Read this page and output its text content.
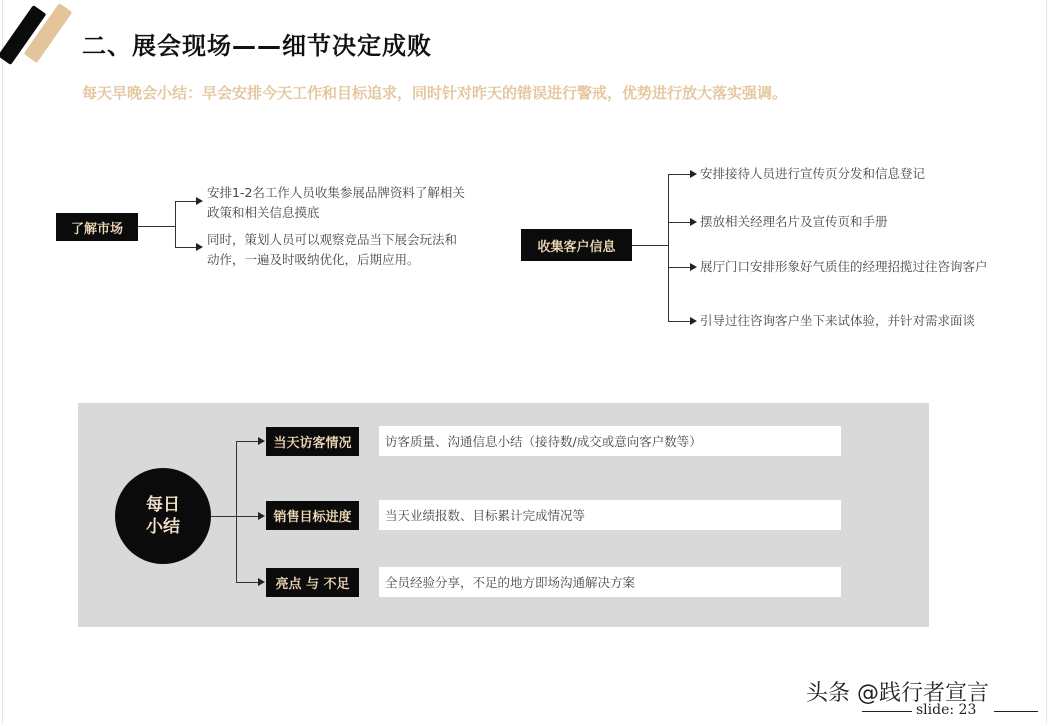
二、展会现场——细节决定成败
每天早晚会小结：早会安排今天工作和目标追求，同时针对昨天的错误进行警戒，优势进行放大落实强调。
了解市场
安排1-2名工作人员收集参展品牌资料了解相关
政策和相关信息摸底
同时，策划人员可以观察竞品当下展会玩法和
动作，一遍及时吸纳优化，后期应用。
收集客户信息
安排接待人员进行宣传页分发和信息登记
摆放相关经理名片及宣传页和手册
展厅门口安排形象好气质佳的经理招揽过往咨询客户
引导过往咨询客户坐下来试体验，并针对需求面谈
每日
小结
当天访客情况
销售目标进度
亮点 与 不足
访客质量、沟通信息小结（接待数/成交或意向客户数等）
当天业绩报数、目标累计完成情况等
全员经验分享，不足的地方即场沟通解决方案
头条 @践行者宣言
slide: 23
